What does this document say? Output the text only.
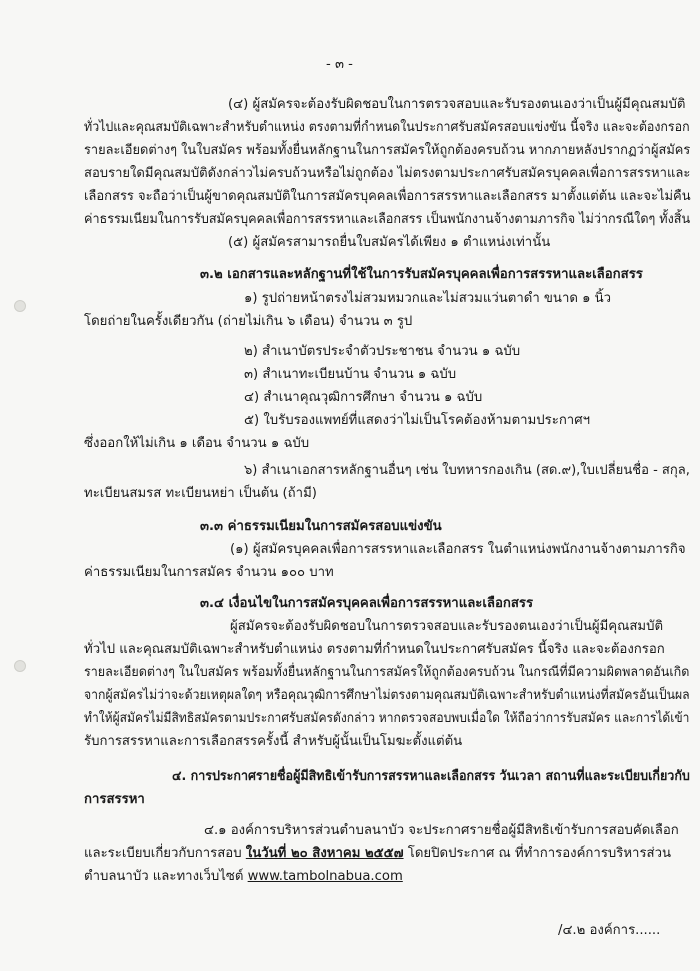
- ๓ -
(๔) ผู้สมัครจะต้องรับผิดชอบในการตรวจสอบและรับรองตนเองว่าเป็นผู้มีคุณสมบัติ
ทั่วไปและคุณสมบัติเฉพาะสำหรับตำแหน่ง ตรงตามที่กำหนดในประกาศรับสมัครสอบแข่งขัน นี้จริง และจะต้องกรอก
รายละเอียดต่างๆ ในใบสมัคร พร้อมทั้งยื่นหลักฐานในการสมัครให้ถูกต้องครบถ้วน หากภายหลังปรากฏว่าผู้สมัคร
สอบรายใดมีคุณสมบัติดังกล่าวไม่ครบถ้วนหรือไม่ถูกต้อง ไม่ตรงตามประกาศรับสมัครบุคคลเพื่อการสรรหาและ
เลือกสรร จะถือว่าเป็นผู้ขาดคุณสมบัติในการสมัครบุคคลเพื่อการสรรหาและเลือกสรร มาตั้งแต่ต้น และจะไม่คืน
ค่าธรรมเนียมในการรับสมัครบุคคลเพื่อการสรรหาและเลือกสรร เป็นพนักงานจ้างตามภารกิจ ไม่ว่ากรณีใดๆ ทั้งสิ้น
(๕) ผู้สมัครสามารถยื่นใบสมัครได้เพียง ๑ ตำแหน่งเท่านั้น
๓.๒ เอกสารและหลักฐานที่ใช้ในการรับสมัครบุคคลเพื่อการสรรหาและเลือกสรร
๑) รูปถ่ายหน้าตรงไม่สวมหมวกและไม่สวมแว่นตาดำ ขนาด ๑ นิ้ว
โดยถ่ายในครั้งเดียวกัน (ถ่ายไม่เกิน ๖ เดือน) จำนวน ๓ รูป
๒) สำเนาบัตรประจำตัวประชาชน จำนวน ๑ ฉบับ
๓) สำเนาทะเบียนบ้าน จำนวน ๑ ฉบับ
๔) สำเนาคุณวุฒิการศึกษา จำนวน ๑ ฉบับ
๕) ใบรับรองแพทย์ที่แสดงว่าไม่เป็นโรคต้องห้ามตามประกาศฯ
ซึ่งออกให้ไม่เกิน ๑ เดือน จำนวน ๑ ฉบับ
๖) สำเนาเอกสารหลักฐานอื่นๆ เช่น ใบทหารกองเกิน (สด.๙),ใบเปลี่ยนชื่อ - สกุล,
ทะเบียนสมรส ทะเบียนหย่า เป็นต้น (ถ้ามี)
๓.๓ ค่าธรรมเนียมในการสมัครสอบแข่งขัน
(๑) ผู้สมัครบุคคลเพื่อการสรรหาและเลือกสรร ในตำแหน่งพนักงานจ้างตามภารกิจ
ค่าธรรมเนียมในการสมัคร จำนวน ๑๐๐ บาท
๓.๔ เงื่อนไขในการสมัครบุคคลเพื่อการสรรหาและเลือกสรร
ผู้สมัครจะต้องรับผิดชอบในการตรวจสอบและรับรองตนเองว่าเป็นผู้มีคุณสมบัติ
ทั่วไป และคุณสมบัติเฉพาะสำหรับตำแหน่ง ตรงตามที่กำหนดในประกาศรับสมัคร นี้จริง และจะต้องกรอก
รายละเอียดต่างๆ ในใบสมัคร พร้อมทั้งยื่นหลักฐานในการสมัครให้ถูกต้องครบถ้วน ในกรณีที่มีความผิดพลาดอันเกิด
จากผู้สมัครไม่ว่าจะด้วยเหตุผลใดๆ หรือคุณวุฒิการศึกษาไม่ตรงตามคุณสมบัติเฉพาะสำหรับตำแหน่งที่สมัครอันเป็นผล
ทำให้ผู้สมัครไม่มีสิทธิสมัครตามประกาศรับสมัครดังกล่าว หากตรวจสอบพบเมื่อใด ให้ถือว่าการรับสมัคร และการได้เข้า
รับการสรรหาและการเลือกสรรครั้งนี้ สำหรับผู้นั้นเป็นโมฆะตั้งแต่ต้น
๔. การประกาศรายชื่อผู้มีสิทธิเข้ารับการสรรหาและเลือกสรร วันเวลา สถานที่และระเบียบเกี่ยวกับ
การสรรหา
๔.๑ องค์การบริหารส่วนตำบลนาบัว จะประกาศรายชื่อผู้มีสิทธิเข้ารับการสอบคัดเลือก
และระเบียบเกี่ยวกับการสอบ ในวันที่ ๒๐ สิงหาคม ๒๕๕๗ โดยปิดประกาศ ณ ที่ทำการองค์การบริหารส่วน
ตำบลนาบัว และทางเว็บไซต์ www.tambolnabua.com
/๔.๒ องค์การ......
